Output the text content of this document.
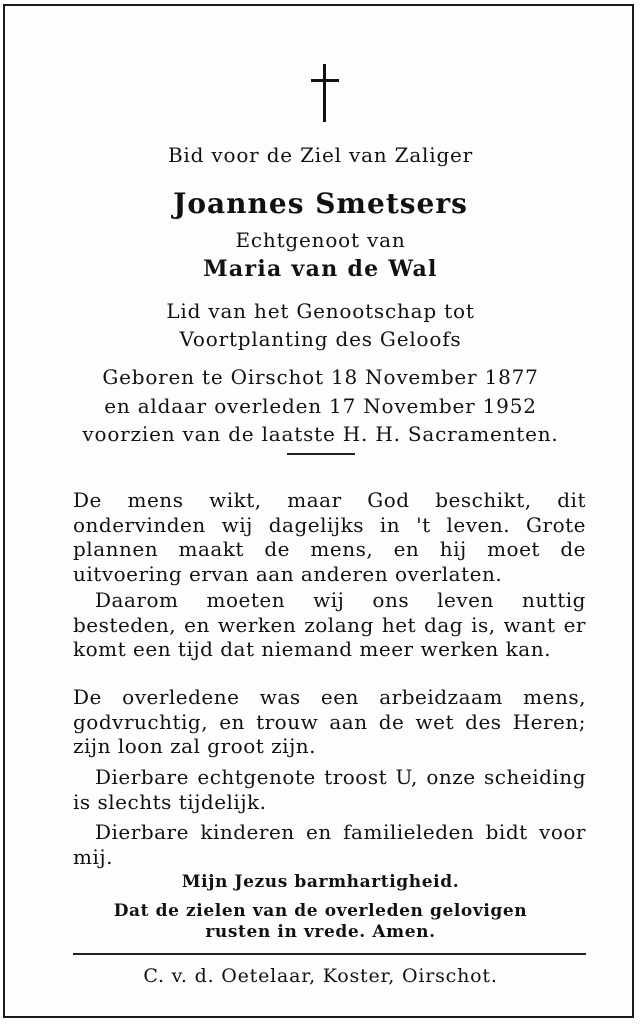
Bid voor de Ziel van Zaliger
Joannes Smetsers
Echtgenoot van
Maria van de Wal
Lid van het Genootschap tot
Voortplanting des Geloofs
Geboren te Oirschot 18 November 1877
en aldaar overleden 17 November 1952
voorzien van de laatste H. H. Sacramenten.
De mens wikt, maar God beschikt, dit ondervinden wij dagelijks in 't leven. Grote plannen maakt de mens, en hij moet de uitvoering ervan aan anderen overlaten.
Daarom moeten wij ons leven nuttig besteden, en werken zolang het dag is, want er komt een tijd dat niemand meer werken kan.
De overledene was een arbeidzaam mens, godvruchtig, en trouw aan de wet des Heren; zijn loon zal groot zijn.
Dierbare echtgenote troost U, onze scheiding is slechts tijdelijk.
Dierbare kinderen en familieleden bidt voor mij.
Mijn Jezus barmhartigheid.
Dat de zielen van de overleden gelovigen
rusten in vrede. Amen.
C. v. d. Oetelaar, Koster, Oirschot.
